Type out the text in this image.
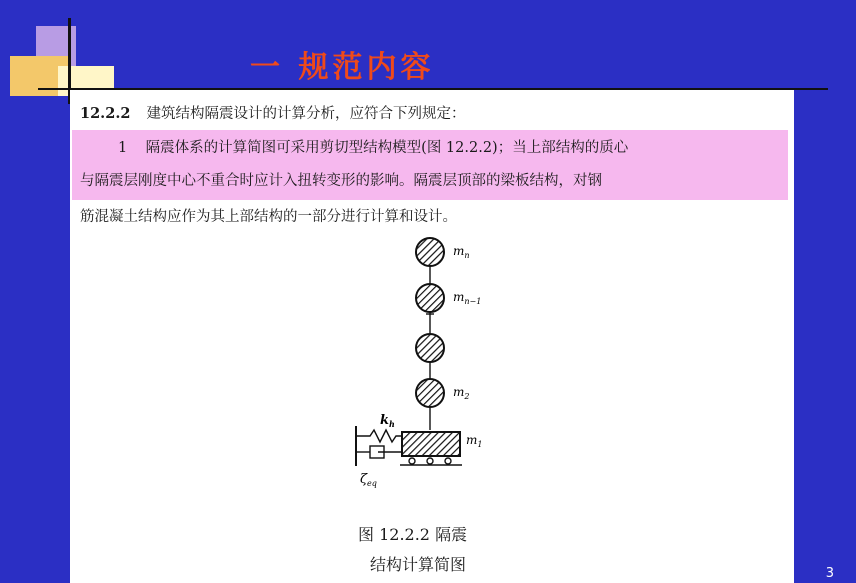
一 规范内容
12.2.2 建筑结构隔震设计的计算分析，应符合下列规定：
1 隔震体系的计算简图可采用剪切型结构模型(图 12.2.2)；当上部结构的质心
与隔震层刚度中心不重合时应计入扭转变形的影响。隔震层顶部的梁板结构，对钢
筋混凝土结构应作为其上部结构的一部分进行计算和设计。
$m_n$
$m_{n-1}$
$m_2$
$m_1$
$k_h$
$\zeta_{eq}$
图 12.2.2 隔震
结构计算简图	3
